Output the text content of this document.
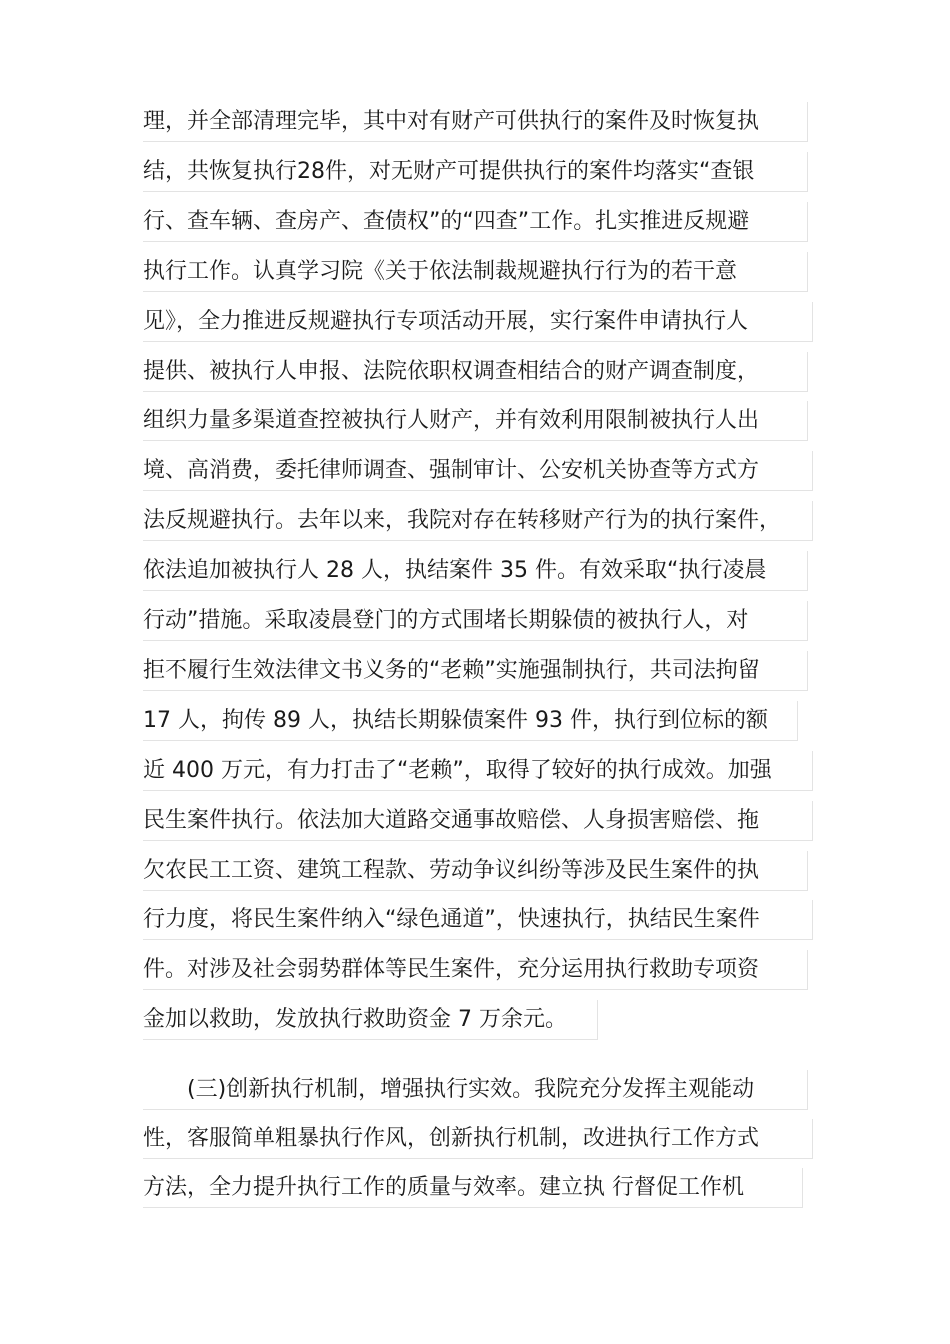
理，并全部清理完毕，其中对有财产可供执行的案件及时恢复执
结，共恢复执行28件，对无财产可提供执行的案件均落实“查银
行、查车辆、查房产、查债权”的“四查”工作。扎实推进反规避
执行工作。认真学习院《关于依法制裁规避执行行为的若干意
见》，全力推进反规避执行专项活动开展，实行案件申请执行人
提供、被执行人申报、法院依职权调查相结合的财产调查制度，
组织力量多渠道查控被执行人财产，并有效利用限制被执行人出
境、高消费，委托律师调查、强制审计、公安机关协查等方式方
法反规避执行。去年以来，我院对存在转移财产行为的执行案件，
依法追加被执行人 28 人，执结案件 35 件。有效采取“执行凌晨
行动”措施。采取凌晨登门的方式围堵长期躲债的被执行人，对
拒不履行生效法律文书义务的“老赖”实施强制执行，共司法拘留
17 人，拘传 89 人，执结长期躲债案件 93 件，执行到位标的额
近 400 万元，有力打击了“老赖”，取得了较好的执行成效。加强
民生案件执行。依法加大道路交通事故赔偿、人身损害赔偿、拖
欠农民工工资、建筑工程款、劳动争议纠纷等涉及民生案件的执
行力度，将民生案件纳入“绿色通道”，快速执行，执结民生案件
件。对涉及社会弱势群体等民生案件，充分运用执行救助专项资
金加以救助，发放执行救助资金 7 万余元。
(三)创新执行机制，增强执行实效。我院充分发挥主观能动
性，客服简单粗暴执行作风，创新执行机制，改进执行工作方式
方法，全力提升执行工作的质量与效率。建立执 行督促工作机
